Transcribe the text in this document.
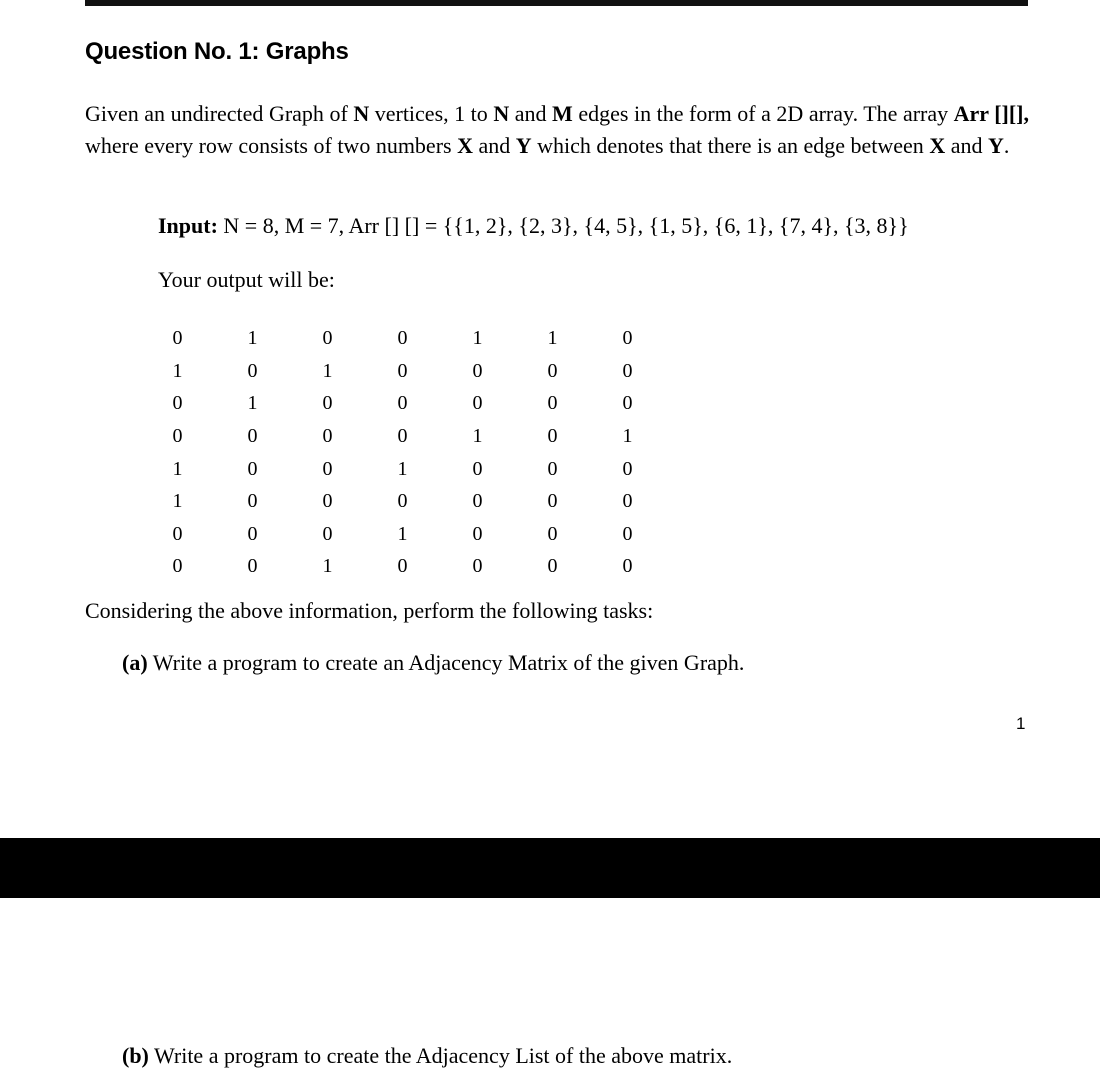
Question No. 1: Graphs
Given an undirected Graph of N vertices, 1 to N and M edges in the form of a 2D array. The array Arr [][], where every row consists of two numbers X and Y which denotes that there is an edge between X and Y.
Input: N = 8, M = 7, Arr [] [] = {{1, 2}, {2, 3}, {4, 5}, {1, 5}, {6, 1}, {7, 4}, {3, 8}}
Your output will be:
0	1	0	0	1	1	0
1	0	1	0	0	0	0
0	1	0	0	0	0	0
0	0	0	0	1	0	1
1	0	0	1	0	0	0
1	0	0	0	0	0	0
0	0	0	1	0	0	0
0	0	1	0	0	0	0
Considering the above information, perform the following tasks:
(a) Write a program to create an Adjacency Matrix of the given Graph.
1
(b) Write a program to create the Adjacency List of the above matrix.
